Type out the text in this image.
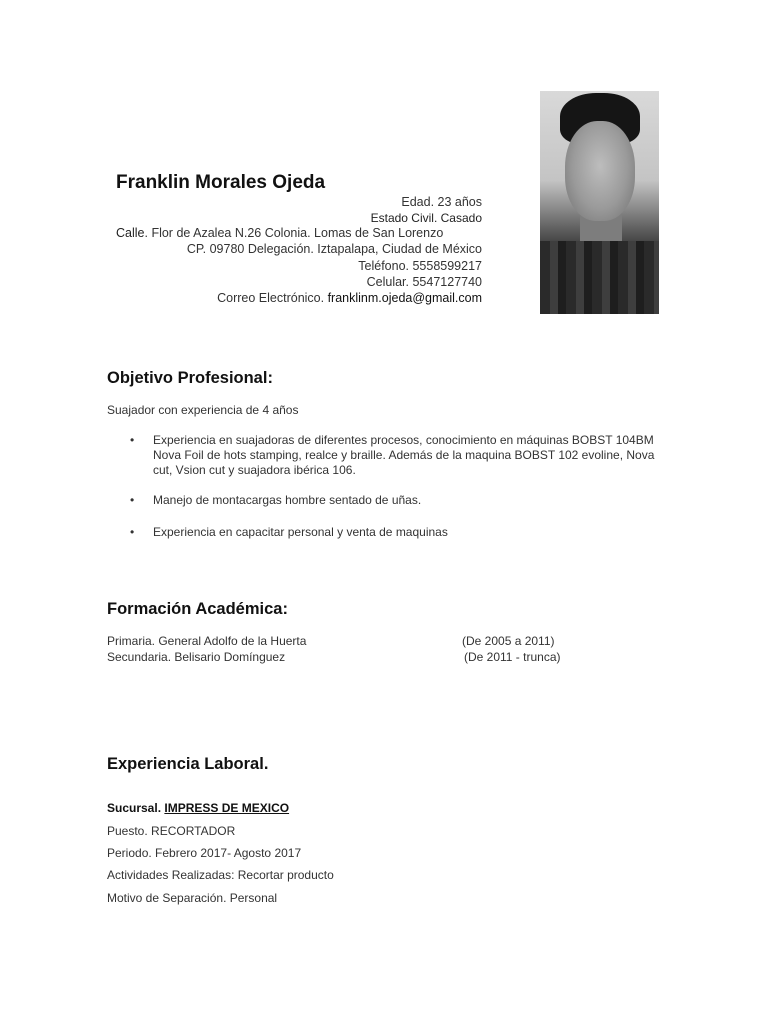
Franklin Morales Ojeda
Edad. 23 años
Estado Civil. Casado
Calle. Flor de Azalea N.26 Colonia. Lomas de San Lorenzo
CP. 09780 Delegación. Iztapalapa, Ciudad de México
Teléfono. 5558599217
Celular. 5547127740
Correo Electrónico. franklinm.ojeda@gmail.com
Objetivo Profesional:
Suajador con experiencia de 4 años
• Experiencia en suajadoras de diferentes procesos, conocimiento en máquinas BOBST 104BM Nova Foil de hots stamping, realce y braille. Además de la maquina BOBST 102 evoline, Nova cut, Vsion cut y suajadora ibérica 106.
• Manejo de montacargas hombre sentado de uñas.
• Experiencia en capacitar personal y venta de maquinas
Formación Académica:
Primaria. General Adolfo de la Huerta	(De 2005 a 2011)
Secundaria. Belisario Domínguez	(De 2011 - trunca)
Experiencia Laboral.
Sucursal. IMPRESS DE MEXICO
Puesto. RECORTADOR
Periodo. Febrero 2017- Agosto 2017
Actividades Realizadas: Recortar producto
Motivo de Separación. Personal
